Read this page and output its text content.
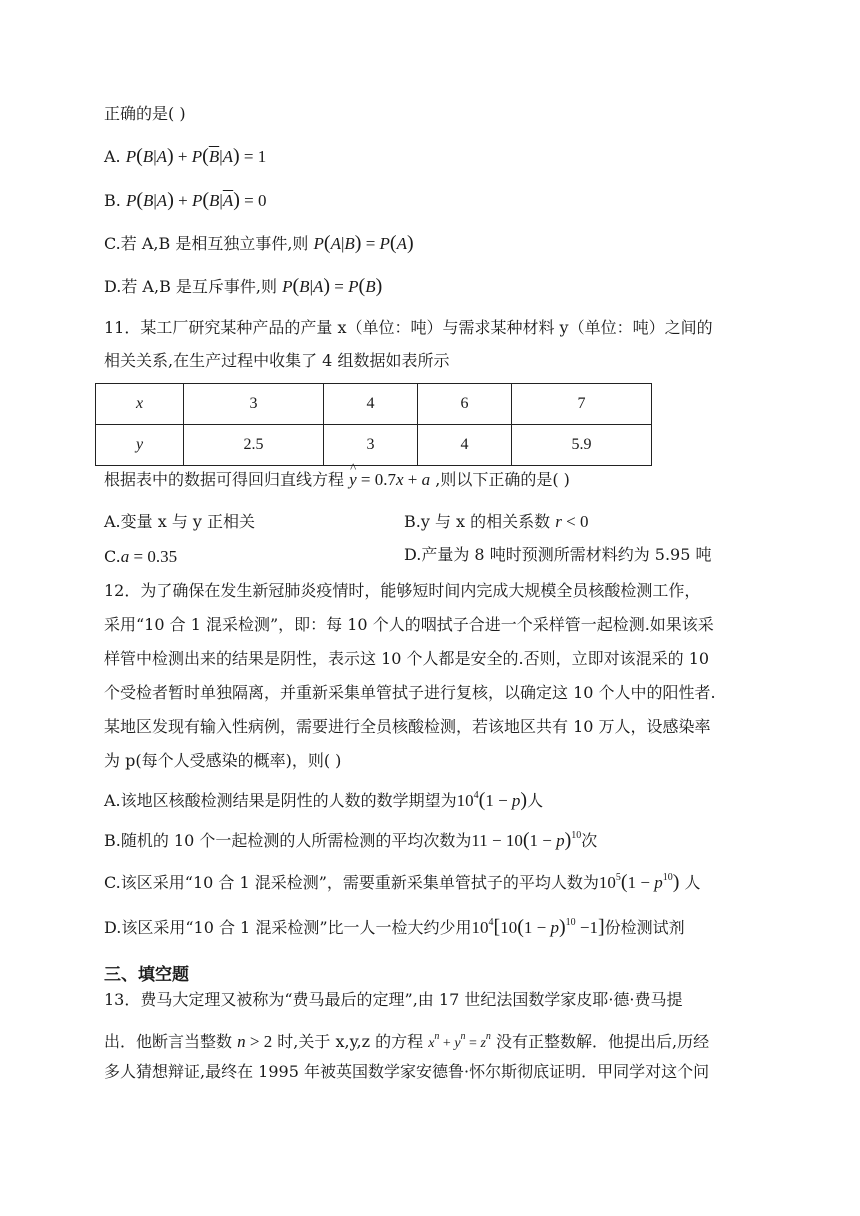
正确的是( )
A. $P(B|A) + P(\overline{B}|A) = 1$
B. $P(B|A) + P(B|\overline{A}) = 0$
C.若 A,B 是相互独立事件,则 P(A|B) = P(A)
D.若 A,B 是互斥事件,则 P(B|A) = P(B)
11．某工厂研究某种产品的产量 x（单位：吨）与需求某种材料 y（单位：吨）之间的
相关关系,在生产过程中收集了 4 组数据如表所示
x	3	4	6	7
y	2.5	3	4	5.9
根据表中的数据可得回归直线方程 ^ y = 0.7x + a ,则以下正确的是( )
A.变量 x 与 y 正相关	B.y 与 x 的相关系数 r < 0
C.a = 0.35	D.产量为 8 吨时预测所需材料约为 5.95 吨
12．为了确保在发生新冠肺炎疫情时，能够短时间内完成大规模全员核酸检测工作，
采用“10 合 1 混采检测”，即：每 10 个人的咽拭子合进一个采样管一起检测.如果该采
样管中检测出来的结果是阴性，表示这 10 个人都是安全的.否则，立即对该混采的 10
个受检者暂时单独隔离，并重新采集单管拭子进行复核，以确定这 10 个人中的阳性者.
某地区发现有输入性病例，需要进行全员核酸检测，若该地区共有 10 万人，设感染率
为 p(每个人受感染的概率)，则( )
A.该地区核酸检测结果是阴性的人数的数学期望为$10^4(1 - p)$人
B.随机的 10 个一起检测的人所需检测的平均次数为$11 - 10(1 - p)^{10}$次
C.该区采用“10 合 1 混采检测”，需要重新采集单管拭子的平均人数为$10^5(1 - p^{10})$ 人
D.该区采用“10 合 1 混采检测”比一人一检大约少用$10^4[10(1 - p)^{10} -1]$份检测试剂
三、填空题
13．费马大定理又被称为“费马最后的定理”,由 17 世纪法国数学家皮耶·德·费马提
出．他断言当整数 n > 2 时,关于 x,y,z 的方程 $x^n + y^n = z^n$ 没有正整数解．他提出后,历经
多人猜想辩证,最终在 1995 年被英国数学家安德鲁·怀尔斯彻底证明．甲同学对这个问
